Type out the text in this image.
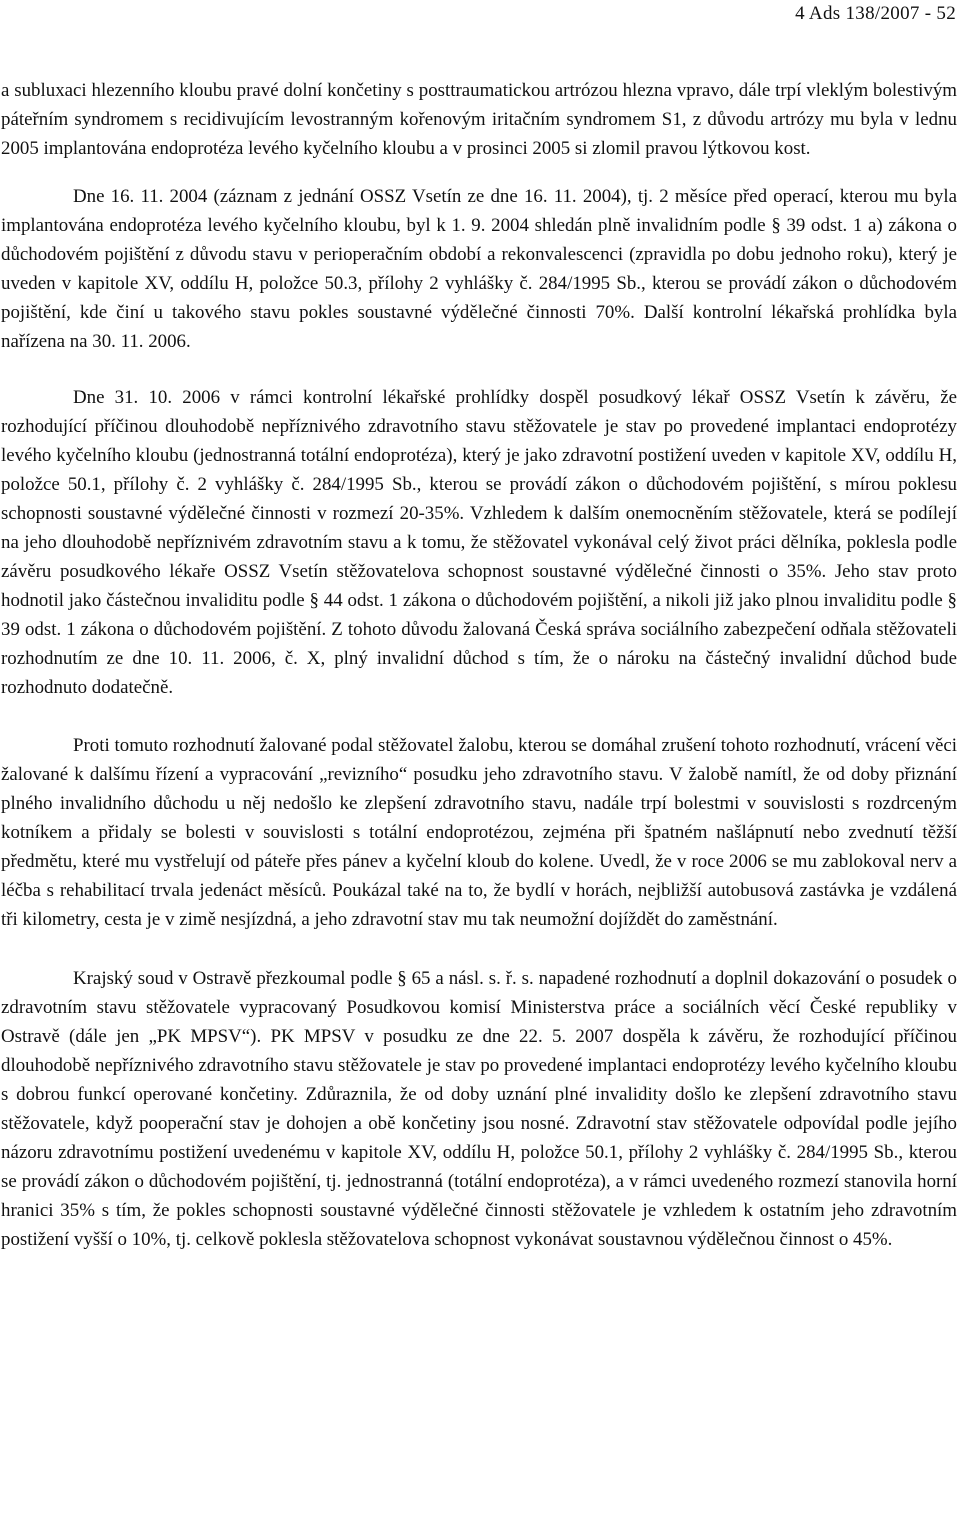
4 Ads 138/2007 - 52

a subluxaci hlezenního kloubu pravé dolní končetiny s posttraumatickou artrózou hlezna vpravo, dále trpí vleklým bolestivým páteřním syndromem s recidivujícím levostranným kořenovým iritačním syndromem S1, z důvodu artrózy mu byla v lednu 2005 implantována endoprotéza levého kyčelního kloubu a v prosinci 2005 si zlomil pravou lýtkovou kost.

Dne 16. 11. 2004 (záznam z jednání OSSZ Vsetín ze dne 16. 11. 2004), tj. 2 měsíce před operací, kterou mu byla implantována endoprotéza levého kyčelního kloubu, byl k 1. 9. 2004 shledán plně invalidním podle § 39 odst. 1 a) zákona o důchodovém pojištění z důvodu stavu v perioperačním období a rekonvalescenci (zpravidla po dobu jednoho roku), který je uveden v kapitole XV, oddílu H, položce 50.3, přílohy 2 vyhlášky č. 284/1995 Sb., kterou se provádí zákon o důchodovém pojištění, kde činí u takového stavu pokles soustavné výdělečné činnosti 70%. Další kontrolní lékařská prohlídka byla nařízena na 30. 11. 2006.

Dne 31. 10. 2006 v rámci kontrolní lékařské prohlídky dospěl posudkový lékař OSSZ Vsetín k závěru, že rozhodující příčinou dlouhodobě nepříznivého zdravotního stavu stěžovatele je stav po provedené implantaci endoprotézy levého kyčelního kloubu (jednostranná totální endoprotéza), který je jako zdravotní postižení uveden v kapitole XV, oddílu H, položce 50.1, přílohy č. 2 vyhlášky č. 284/1995 Sb., kterou se provádí zákon o důchodovém pojištění, s mírou poklesu schopnosti soustavné výdělečné činnosti v rozmezí 20-35%. Vzhledem k dalším onemocněním stěžovatele, která se podílejí na jeho dlouhodobě nepříznivém zdravotním stavu a k tomu, že stěžovatel vykonával celý život práci dělníka, poklesla podle závěru posudkového lékaře OSSZ Vsetín stěžovatelova schopnost soustavné výdělečné činnosti o 35%. Jeho stav proto hodnotil jako částečnou invaliditu podle § 44 odst. 1 zákona o důchodovém pojištění, a nikoli již jako plnou invaliditu podle § 39 odst. 1 zákona o důchodovém pojištění. Z tohoto důvodu žalovaná Česká správa sociálního zabezpečení odňala stěžovateli rozhodnutím ze dne 10. 11. 2006, č. X, plný invalidní důchod s tím, že o nároku na částečný invalidní důchod bude rozhodnuto dodatečně.

Proti tomuto rozhodnutí žalované podal stěžovatel žalobu, kterou se domáhal zrušení tohoto rozhodnutí, vrácení věci žalované k dalšímu řízení a vypracování „revizního“ posudku jeho zdravotního stavu. V žalobě namítl, že od doby přiznání plného invalidního důchodu u něj nedošlo ke zlepšení zdravotního stavu, nadále trpí bolestmi v souvislosti s rozdrceným kotníkem a přidaly se bolesti v souvislosti s totální endoprotézou, zejména při špatném našlápnutí nebo zvednutí těžší předmětu, které mu vystřelují od páteře přes pánev a kyčelní kloub do kolene. Uvedl, že v roce 2006 se mu zablokoval nerv a léčba s rehabilitací trvala jedenáct měsíců. Poukázal také na to, že bydlí v horách, nejbližší autobusová zastávka je vzdálená tři kilometry, cesta je v zimě nesjízdná, a jeho zdravotní stav mu tak neumožní dojíždět do zaměstnání.

Krajský soud v Ostravě přezkoumal podle § 65 a násl. s. ř. s. napadené rozhodnutí a doplnil dokazování o posudek o zdravotním stavu stěžovatele vypracovaný Posudkovou komisí Ministerstva práce a sociálních věcí České republiky v Ostravě (dále jen „PK MPSV“). PK MPSV v posudku ze dne 22. 5. 2007 dospěla k závěru, že rozhodující příčinou dlouhodobě nepříznivého zdravotního stavu stěžovatele je stav po provedené implantaci endoprotézy levého kyčelního kloubu s dobrou funkcí operované končetiny. Zdůraznila, že od doby uznání plné invalidity došlo ke zlepšení zdravotního stavu stěžovatele, když pooperační stav je dohojen a obě končetiny jsou nosné. Zdravotní stav stěžovatele odpovídal podle jejího názoru zdravotnímu postižení uvedenému v kapitole XV, oddílu H, položce 50.1, přílohy 2 vyhlášky č. 284/1995 Sb., kterou se provádí zákon o důchodovém pojištění, tj. jednostranná (totální endoprotéza), a v rámci uvedeného rozmezí stanovila horní hranici 35% s tím, že pokles schopnosti soustavné výdělečné činnosti stěžovatele je vzhledem k ostatním jeho zdravotním postižení vyšší o 10%, tj. celkově poklesla stěžovatelova schopnost vykonávat soustavnou výdělečnou činnost o 45%.
